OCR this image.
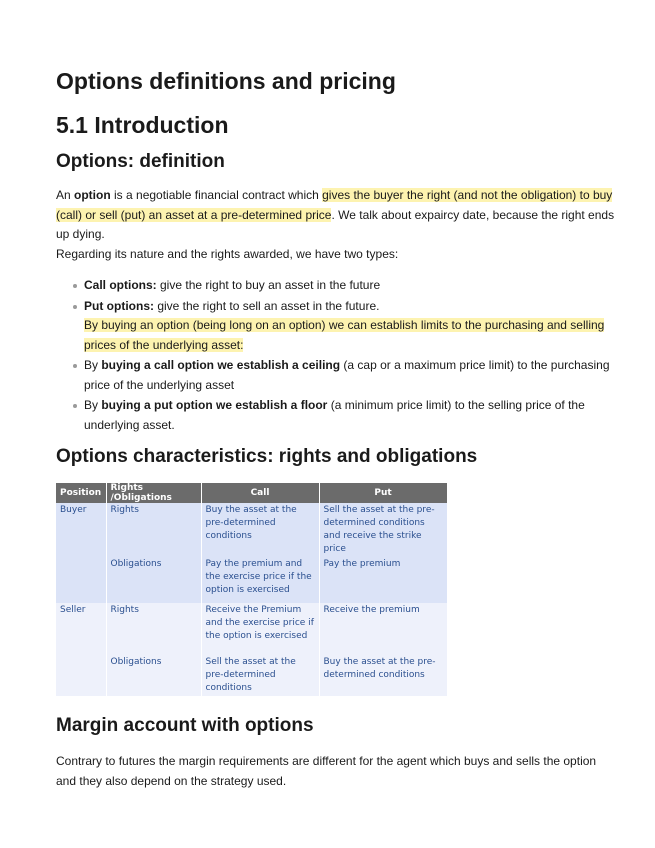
Options definitions and pricing
5.1 Introduction
Options: definition

An option is a negotiable financial contract which gives the buyer the right (and not the obligation) to buy (call) or sell (put) an asset at a pre-determined price. We talk about expaircy date, because the right ends up dying.

Regarding its nature and the rights awarded, we have two types:

Call options: give the right to buy an asset in the future
Put options: give the right to sell an asset in the future.
By buying an option (being long on an option) we can establish limits to the purchasing and selling prices of the underlying asset:
By buying a call option we establish a ceiling (a cap or a maximum price limit) to the purchasing price of the underlying asset
By buying a put option we establish a floor (a minimum price limit) to the selling price of the underlying asset.
Options characteristics: rights and obligations
Position	Rights /Obligations	Call	Put
Buyer	Rights	Buy the asset at the pre-determined conditions	Sell the asset at the pre-determined conditions and receive the strike price
	Obligations	Pay the premium and the exercise price if the option is exercised	Pay the premium
Seller	Rights	Receive the Premium and the exercise price if the option is exercised	Receive the premium
	Obligations	Sell the asset at the pre-determined conditions	Buy the asset at the pre-determined conditions
Margin account with options

Contrary to futures the margin requirements are different for the agent which buys and sells the option and they also depend on the strategy used.
